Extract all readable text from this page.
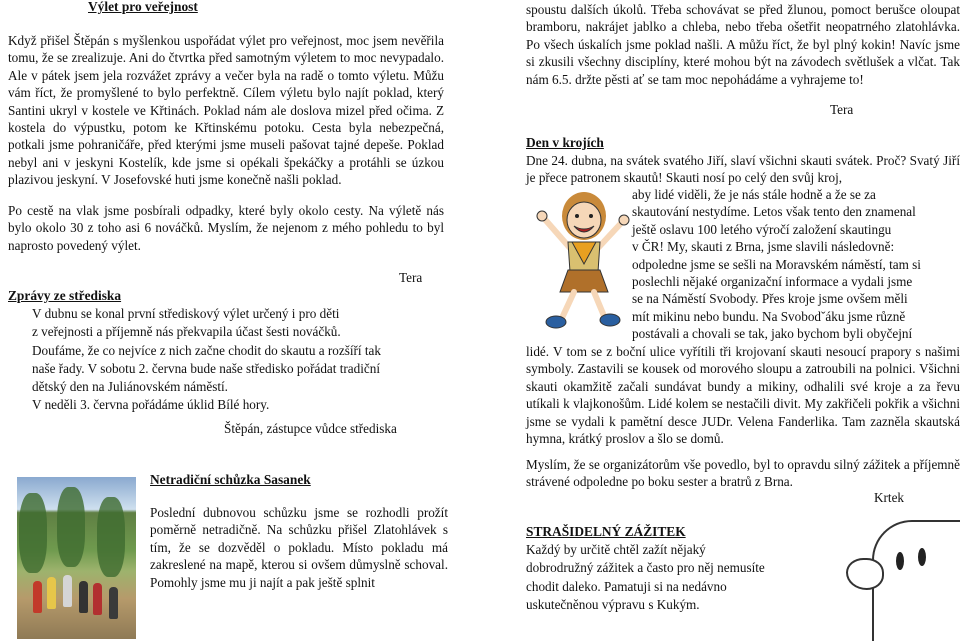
Výlet pro veřejnost

Když přišel Štěpán s myšlenkou uspořádat výlet pro veřejnost, moc jsem nevěřila tomu, že se zrealizuje. Ani do čtvrtka před samotným výletem to moc nevypadalo. Ale v pátek jsem jela rozvážet zprávy a večer byla na radě o tomto výletu. Můžu vám říct, že promyšlené to bylo perfektně. Cílem výletu bylo najít poklad, který Santini ukryl v kostele ve Křtinách. Poklad nám ale doslova mizel před očima. Z kostela do výpustku, potom ke Křtinskému potoku. Cesta byla nebezpečná, potkali jsme pohraničáře, před kterými jsme museli pašovat tajné depeše. Poklad nebyl ani v jeskyni Kostelík, kde jsme si opékali špekáčky a protáhli se úzkou plazivou jeskyní. V Josefovské huti jsme konečně našli poklad.

Po cestě na vlak jsme posbírali odpadky, které byly okolo cesty. Na výletě nás bylo okolo 30 z toho asi 6 nováčků. Myslím, že nejenom z mého pohledu to byl naprosto povedený výlet.

Tera

Zprávy ze střediska

V dubnu se konal první střediskový výlet určený i pro děti
z veřejnosti a příjemně nás překvapila účast šesti nováčků.
Doufáme, že co nejvíce z nich začne chodit do skautu a rozšíří tak
naše řady. V sobotu 2. června bude naše středisko pořádat tradiční
dětský den na Juliánovském náměstí.
V neděli 3. června pořádáme úklid Bílé hory.
Štěpán, zástupce vůdce střediska

Netradiční schůzka Sasanek

Poslední dubnovou schůzku jsme se rozhodli prožít poměrně netradičně. Na schůzku přišel Zlatohlávek s tím, že se dozvěděl o pokladu. Místo pokladu má zakreslené na mapě, kterou si ovšem důmyslně schoval. Pomohly jsme mu ji najít a pak ještě splnit

spoustu dalších úkolů. Třeba schovávat se před žlunou, pomoct berušce oloupat bramboru, nakrájet jablko a chleba, nebo třeba ošetřit neopatrného zlatohlávka. Po všech úskalích jsme poklad našli. A můžu říct, že byl plný kokin! Navíc jsme si zkusili všechny disciplíny, které mohou být na závodech světlušek a vlčat. Tak nám 6.5. držte pěsti ať se tam moc nepohádáme a vyhrajeme to!

Tera

Den v krojích

Dne 24. dubna, na svátek svatého Jiří, slaví všichni skauti svátek. Proč? Svatý Jiří je přece patronem skautů! Skauti nosí po celý den svůj kroj,

aby lidé viděli, že je nás stále hodně a že se za
skautování nestydíme. Letos však tento den znamenal
ještě oslavu 100 letého výročí založení skautingu
v ČR! My, skauti z Brna, jsme slavili následovně:
odpoledne jsme se sešli na Moravském náměstí, tam si
poslechli nějaké organizační informace a vydali jsme
se na Náměstí Svobody. Přes kroje jsme ovšem měli
mít mikinu nebo bundu. Na Svobodˇáku jsme různě
postávali a chovali se tak, jako bychom byli obyčejní

lidé. V tom se z boční ulice vyřítili tři krojovaní skauti nesoucí prapory s našimi symboly. Zastavili se kousek od morového sloupu a zatroubili na polnici. Všichni skauti okamžitě začali sundávat bundy a mikiny, odhalili své kroje a za řevu utíkali k vlajkonošům. Lidé kolem se nestačili divit. My zakřičeli pokřik a všichni jsme se vydali k pamětní desce JUDr. Velena Fanderlika. Tam zazněla skautská hymna, krátký proslov a šlo se domů.

Myslím, že se organizátorům vše povedlo, byl to opravdu silný zážitek a příjemně strávené odpoledne po boku sester a bratrů z Brna.

Krtek

STRAŠIDELNÝ ZÁŽITEK

Každý by určitě chtěl zažít nějaký
dobrodružný zážitek a často pro něj nemusíte
chodit daleko. Pamatuji si na nedávno
uskutečněnou výpravu s Kukým.
